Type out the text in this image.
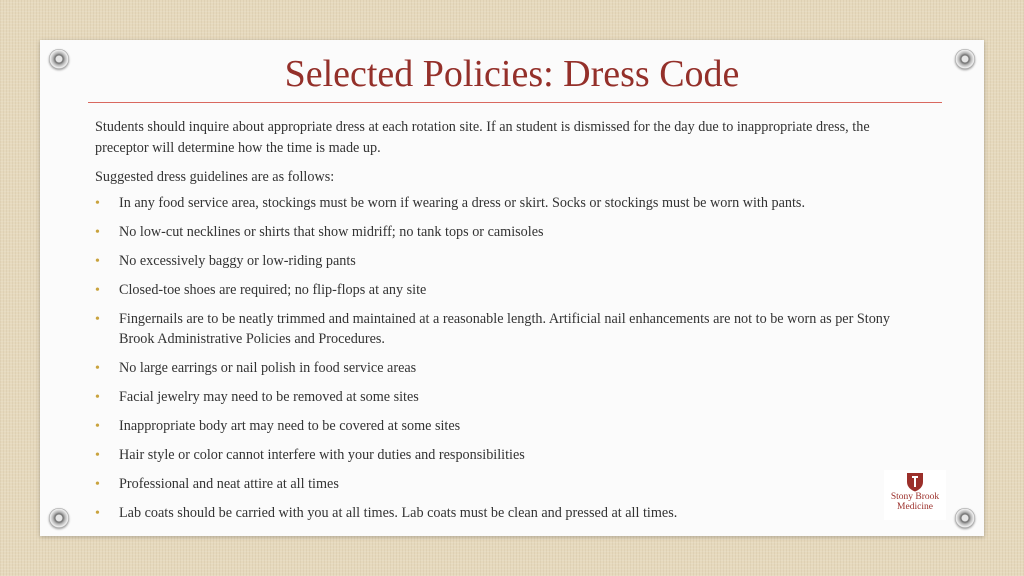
Selected Policies: Dress Code

Students should inquire about appropriate dress at each rotation site. If an student is dismissed for the day due to inappropriate dress, the preceptor will determine how the time is made up.

Suggested dress guidelines are as follows:

• In any food service area, stockings must be worn if wearing a dress or skirt. Socks or stockings must be worn with pants.
• No low-cut necklines or shirts that show midriff; no tank tops or camisoles
• No excessively baggy or low-riding pants
• Closed-toe shoes are required; no flip-flops at any site
• Fingernails are to be neatly trimmed and maintained at a reasonable length. Artificial nail enhancements are not to be worn as per Stony Brook Administrative Policies and Procedures.
• No large earrings or nail polish in food service areas
• Facial jewelry may need to be removed at some sites
• Inappropriate body art may need to be covered at some sites
• Hair style or color cannot interfere with your duties and responsibilities
• Professional and neat attire at all times
• Lab coats should be carried with you at all times. Lab coats must be clean and pressed at all times.
Stony Brook
Medicine
